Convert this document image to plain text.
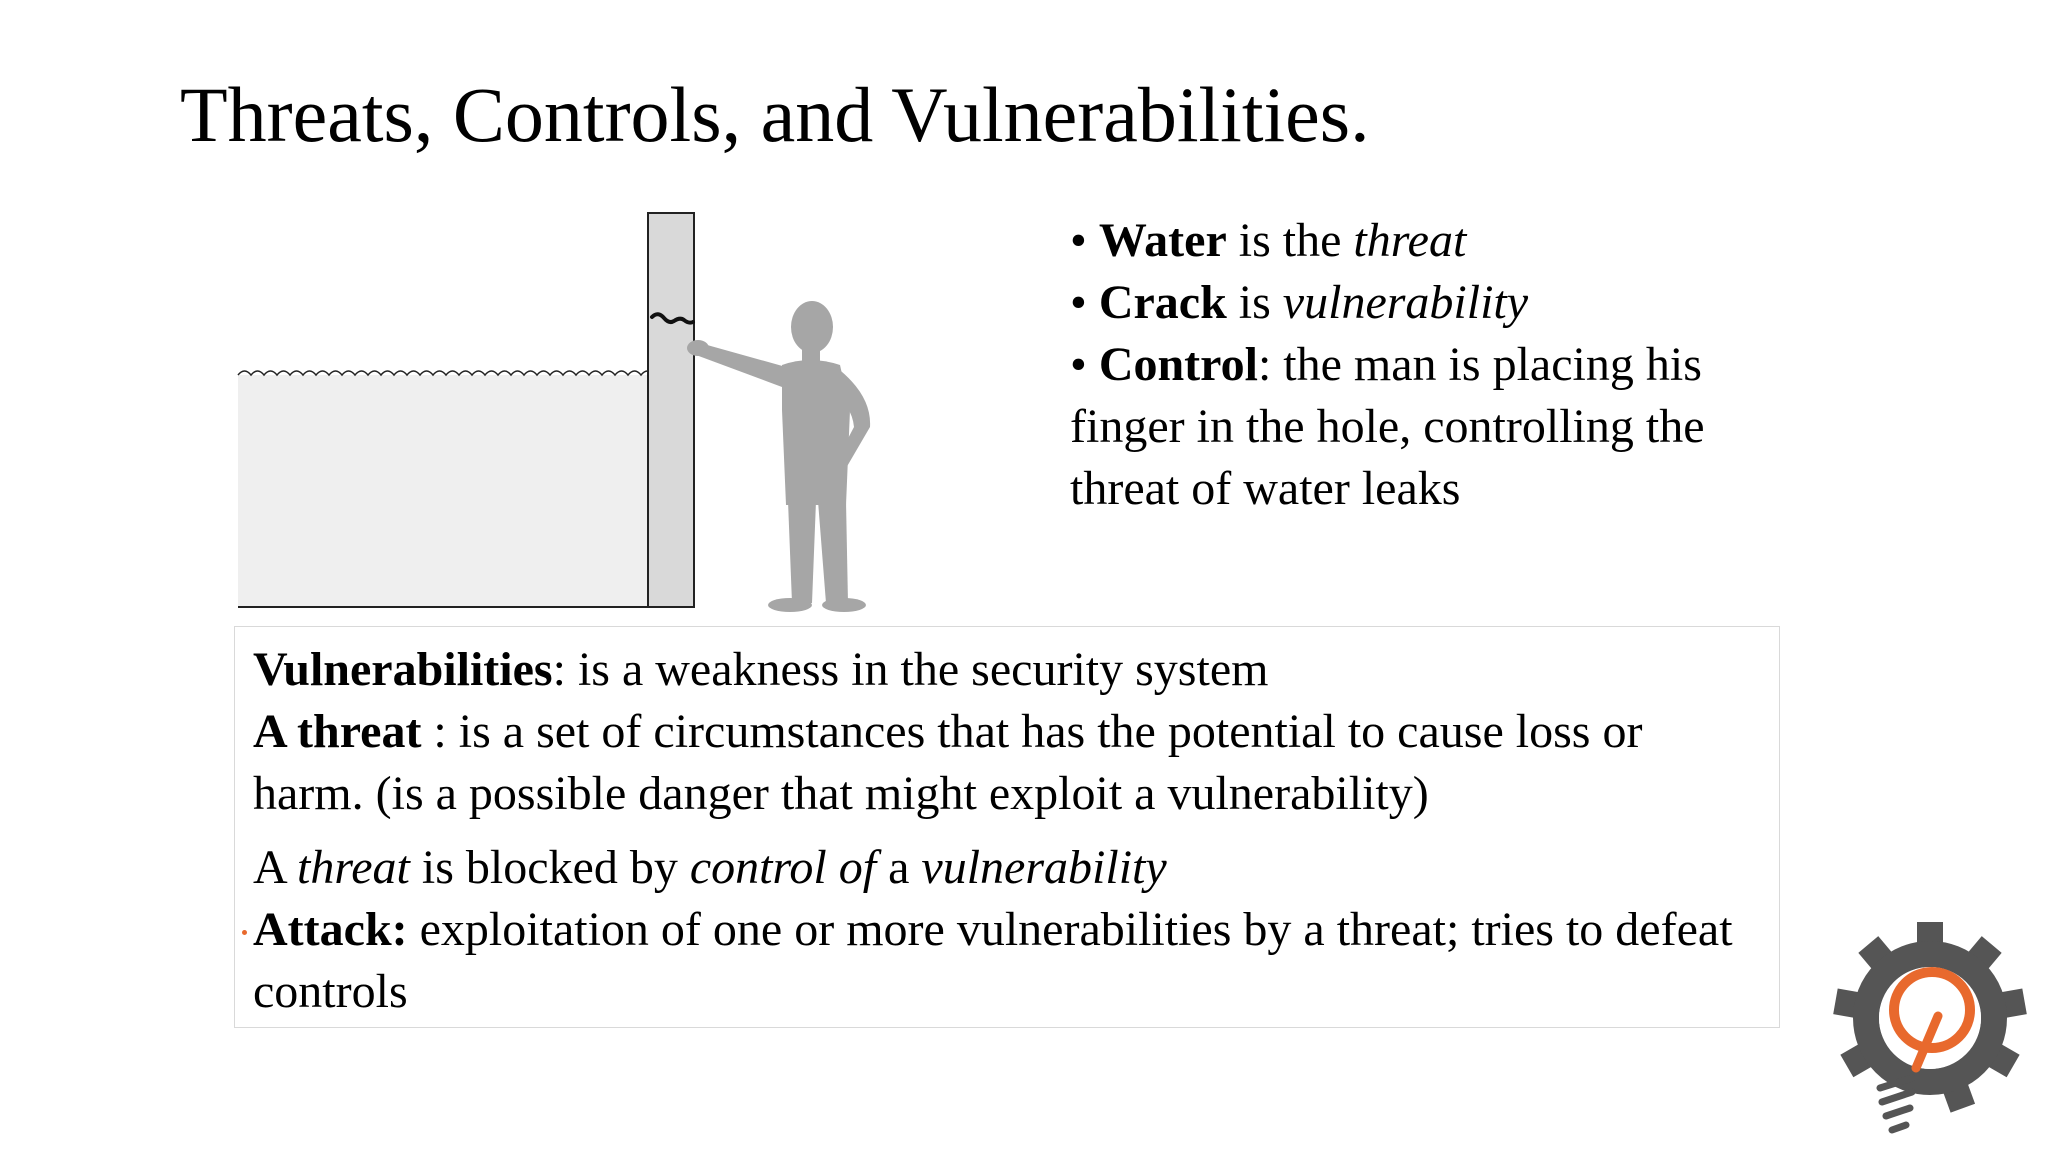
Threats, Controls, and Vulnerabilities.

• Water is the threat

• Crack is vulnerability

• Control: the man is placing his finger in the hole, controlling the threat of water leaks

Vulnerabilities: is a weakness in the security system

A threat : is a set of circumstances that has the potential to cause loss or harm. (is a possible danger that might exploit a vulnerability)

A threat is blocked by control of a vulnerability

Attack: exploitation of one or more vulnerabilities by a threat; tries to defeat controls
